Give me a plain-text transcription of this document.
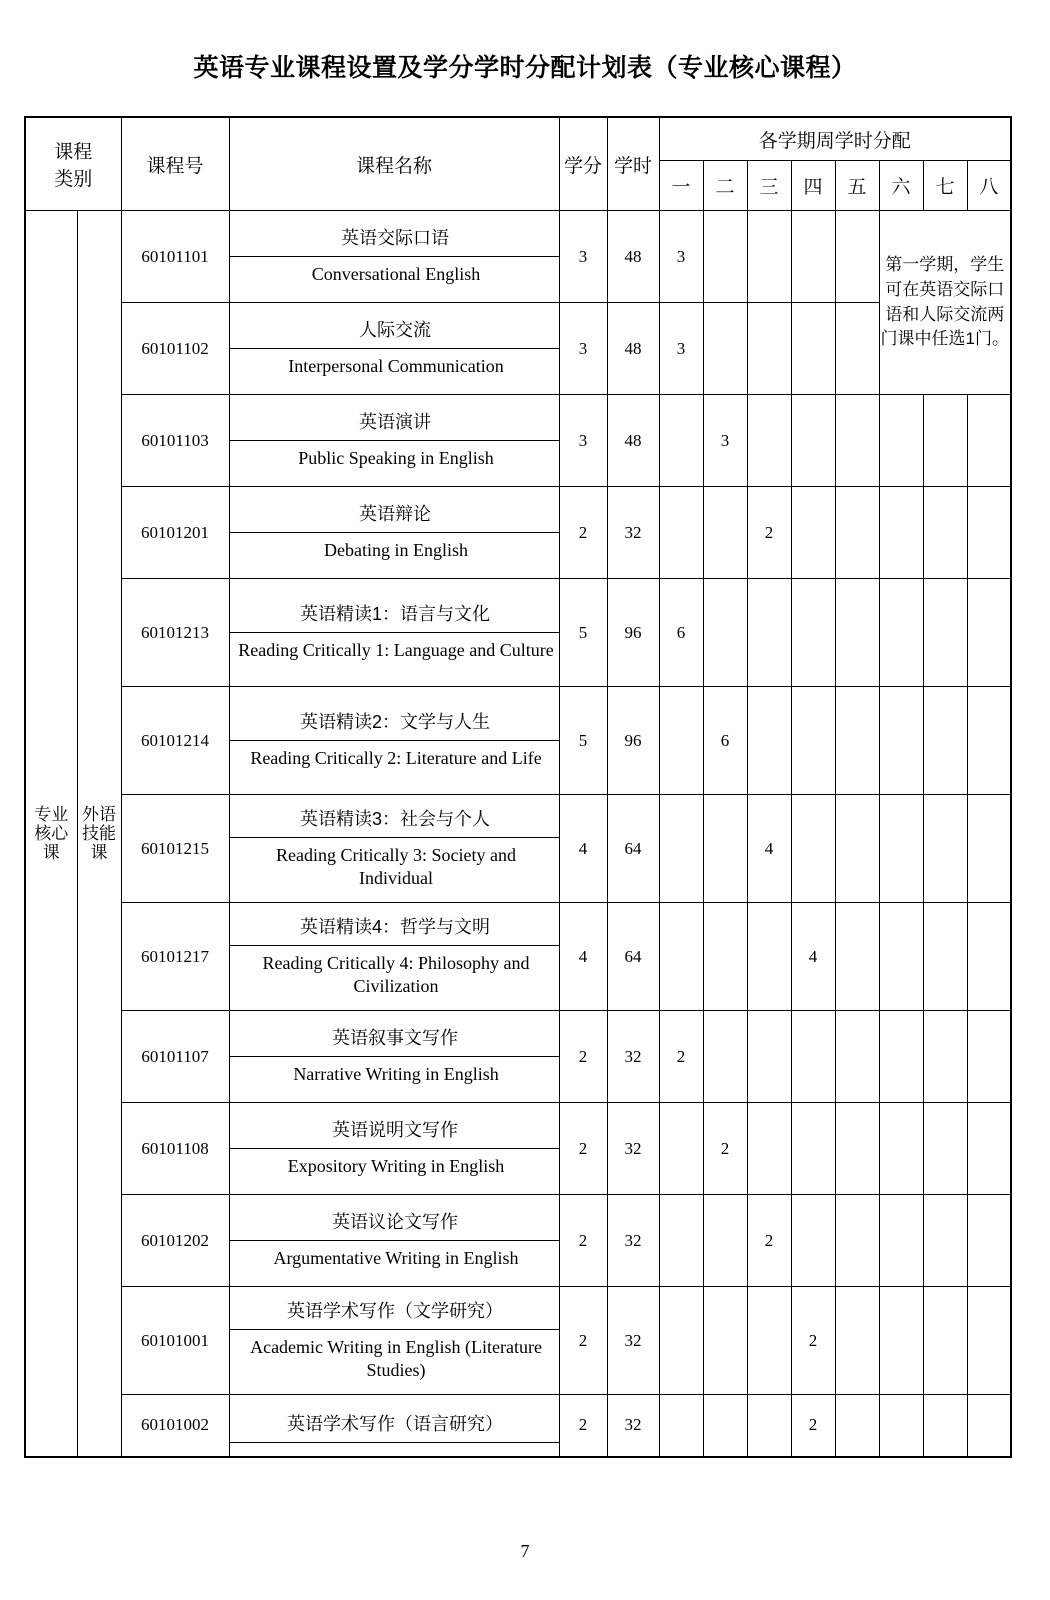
英语专业课程设置及学分学时分配计划表（专业核心课程）
课程
类别		课程号	课程名称	学分	学时	各学期周学时分配							
						一	二	三	四	五	六	七	八

专业核心课	外语技能课	60101101	英语交际口语
Conversational English	3	48	3					第一学期，学生可在英语交际口语和人际交流两门课中任选1门。		
		60101102	人际交流
Interpersonal Communication	3	48	3							
		60101103	英语演讲
Public Speaking in English	3	48		3						
		60101201	英语辩论
Debating in English	2	32			2					
		60101213	英语精读1：语言与文化
Reading Critically 1: Language and Culture	5	96	6							
		60101214	英语精读2：文学与人生
Reading Critically 2: Literature and Life	5	96		6						
		60101215	英语精读3：社会与个人
Reading Critically 3: Society and Individual	4	64			4					
		60101217	英语精读4：哲学与文明
Reading Critically 4: Philosophy and Civilization	4	64				4				
		60101107	英语叙事文写作
Narrative Writing in English	2	32	2							
		60101108	英语说明文写作
Expository Writing in English	2	32		2						
		60101202	英语议论文写作
Argumentative Writing in English	2	32			2					
		60101001	英语学术写作（文学研究）
Academic Writing in English (Literature Studies)	2	32				2				
		60101002	英语学术写作（语言研究）	2	32				2				
7
